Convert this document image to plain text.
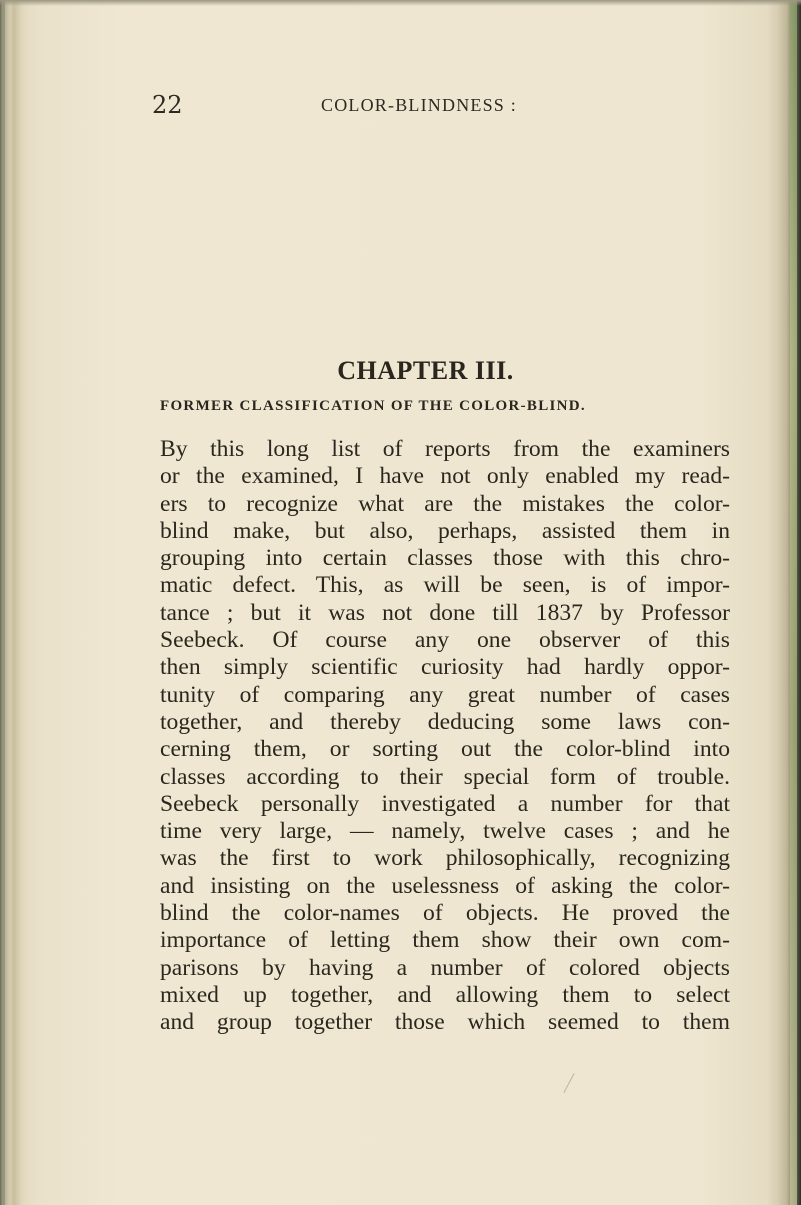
22	COLOR-BLINDNESS :

CHAPTER III.
FORMER CLASSIFICATION OF THE COLOR-BLIND.
By this long list of reports from the examiners
or the examined, I have not only enabled my read-
ers to recognize what are the mistakes the color-
blind make, but also, perhaps, assisted them in
grouping into certain classes those with this chro-
matic defect. This, as will be seen, is of impor-
tance ; but it was not done till 1837 by Professor
Seebeck. Of course any one observer of this
then simply scientific curiosity had hardly oppor-
tunity of comparing any great number of cases
together, and thereby deducing some laws con-
cerning them, or sorting out the color-blind into
classes according to their special form of trouble.
Seebeck personally investigated a number for that
time very large, — namely, twelve cases ; and he
was the first to work philosophically, recognizing
and insisting on the uselessness of asking the color-
blind the color-names of objects. He proved the
importance of letting them show their own com-
parisons by having a number of colored objects
mixed up together, and allowing them to select
and group together those which seemed to them
